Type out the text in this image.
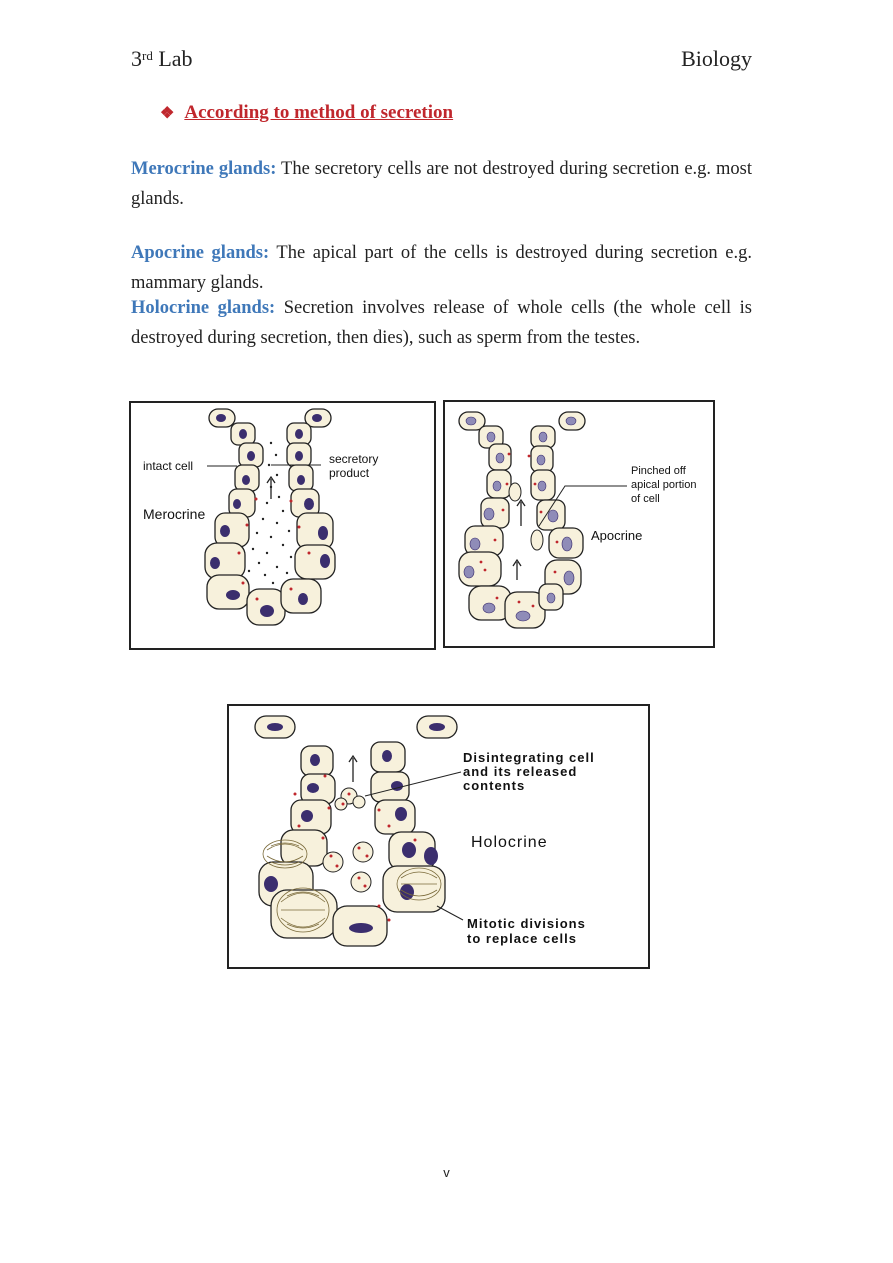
3rd Lab	Biology
❖ According to method of secretion
Merocrine glands: The secretory cells are not destroyed during secretion e.g. most glands.
Apocrine glands: The apical part of the cells is destroyed during secretion e.g. mammary glands.
Holocrine glands: Secretion involves release of whole cells (the whole cell is destroyed during secretion, then dies), such as sperm from the testes.
intact cell	secretory
product
Merocrine
Pinched off
apical portion
of cell
Apocrine
Disintegrating cell
and its released
contents
Holocrine
Mitotic divisions
to replace cells
v
